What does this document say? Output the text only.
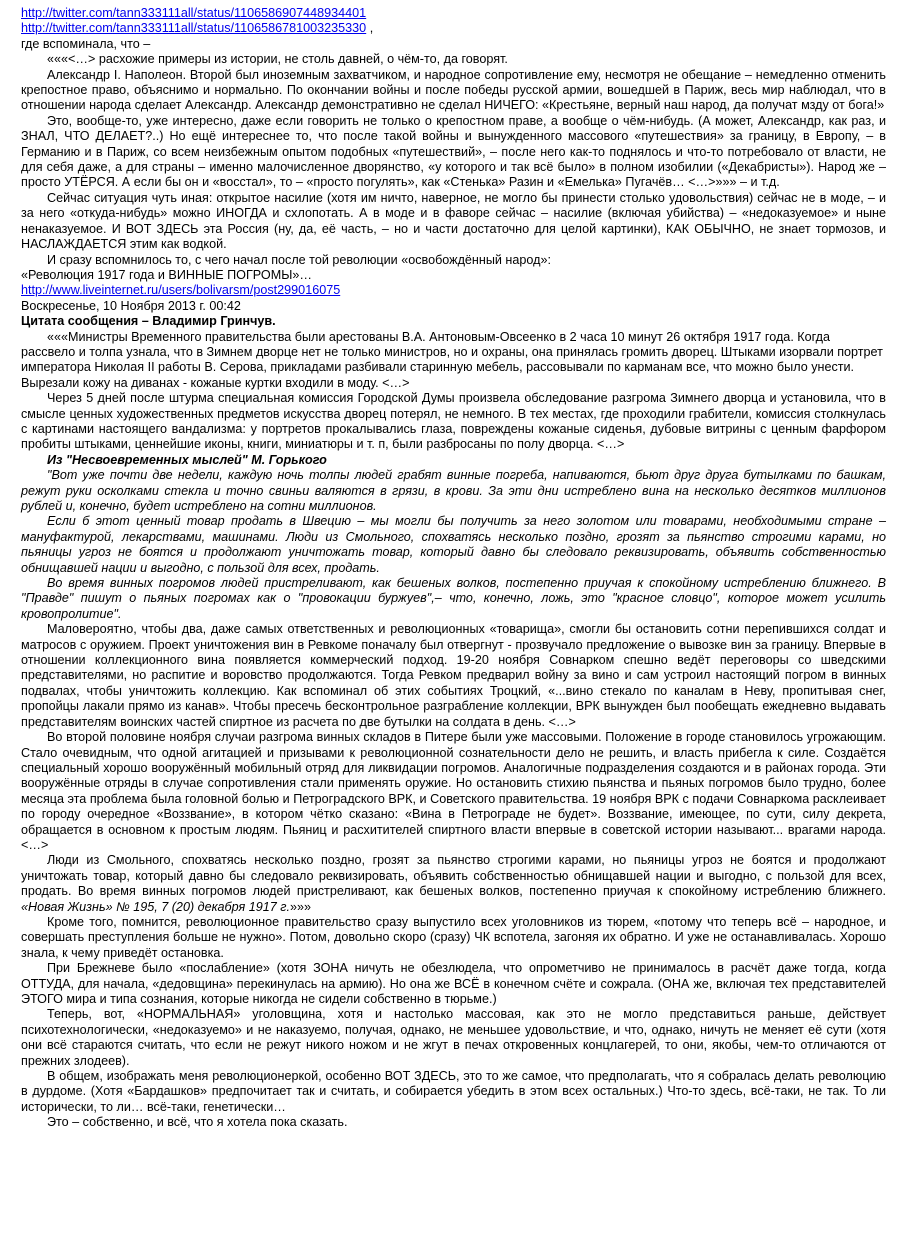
http://twitter.com/tann333111all/status/1106586907448934401
http://twitter.com/tann333111all/status/1106586781003235330 ,
где вспоминала, что –

«««<…> расхожие примеры из истории, не столь давней, о чём-то, да говорят.

Александр I. Наполеон. Второй был иноземным захватчиком, и народное сопротивление ему, несмотря не обещание – немедленно отменить крепостное право, объяснимо и нормально. По окончании войны и после победы русской армии, вошедшей в Париж, весь мир наблюдал, что в отношении народа сделает Александр. Александр демонстративно не сделал НИЧЕГО: «Крестьяне, верный наш народ, да получат мзду от бога!»

Это, вообще-то, уже интересно, даже если говорить не только о крепостном праве, а вообще о чём-нибудь. (А может, Александр, как раз, и ЗНАЛ, ЧТО ДЕЛАЕТ?..) Но ещё интереснее то, что после такой войны и вынужденного массового «путешествия» за границу, в Европу, – в Германию и в Париж, со всем неизбежным опытом подобных «путешествий», – после него как-то поднялось и что-то потребовало от власти, не для себя даже, а для страны – именно малочисленное дворянство, «у которого и так всё было» в полном изобилии («Декабристы»). Народ же – просто УТЁРСЯ. А если бы он и «восстал», то – «просто погулять», как «Стенька» Разин и «Емелька» Пугачёв… <…>»»» – и т.д.

Сейчас ситуация чуть иная: открытое насилие (хотя им ничто, наверное, не могло бы принести столько удовольствия) сейчас не в моде, – и за него «откуда-нибудь» можно ИНОГДА и схлопотать. А в моде и в фаворе сейчас – насилие (включая убийства) – «недоказуемое» и ныне ненаказуемое. И ВОТ ЗДЕСЬ эта Россия (ну, да, её часть, – но и части достаточно для целой картинки), КАК ОБЫЧНО, не знает тормозов, и НАСЛАЖДАЕТСЯ этим как водкой.

И сразу вспомнилось то, с чего начал после той революции «освобождённый народ»:

«Революция 1917 года и ВИННЫЕ ПОГРОМЫ»…
http://www.liveinternet.ru/users/bolivarsm/post299016075
Воскресенье, 10 Ноября 2013 г. 00:42
Цитата сообщения – Владимир Гринчув.

«««Министры Временного правительства были арестованы В.А. Антоновым-Овсеенко в 2 часа 10 минут 26 октября 1917 года. Когда рассвело и толпа узнала, что в Зимнем дворце нет не только министров, но и охраны, она принялась громить дворец. Штыками изорвали портрет императора Николая II работы В. Серова, прикладами разбивали старинную мебель, рассовывали по карманам все, что можно было унести. Вырезали кожу на диванах - кожаные куртки входили в моду. <…>

Через 5 дней после штурма специальная комиссия Городской Думы произвела обследование разгрома Зимнего дворца и установила, что в смысле ценных художественных предметов искусства дворец потерял, не немного. В тех местах, где проходили грабители, комиссия столкнулась с картинами настоящего вандализма: у портретов прокалывались глаза, повреждены кожаные сиденья, дубовые витрины с ценным фарфором пробиты штыками, ценнейшие иконы, книги, миниатюры и т. п, были разбросаны по полу дворца. <…>

Из "Несвоевременных мыслей" М. Горького

"Вот уже почти две недели, каждую ночь толпы людей грабят винные погреба, напиваются, бьют друг друга бутылками по башкам, режут руки осколками стекла и точно свиньи валяются в грязи, в крови. За эти дни истреблено вина на несколько десятков миллионов рублей и, конечно, будет истреблено на сотни миллионов.

Если б этот ценный товар продать в Швецию – мы могли бы получить за него золотом или товарами, необходимыми стране – мануфактурой, лекарствами, машинами. Люди из Смольного, спохватясь несколько поздно, грозят за пьянство строгими карами, но пьяницы угроз не боятся и продолжают уничтожать товар, который давно бы следовало реквизировать, объявить собственностью обнищавшей нации и выгодно, с пользой для всех, продать.

Во время винных погромов людей пристреливают, как бешеных волков, постепенно приучая к спокойному истреблению ближнего. В "Правде" пишут о пьяных погромах как о "провокации буржуев",– что, конечно, ложь, это "красное словцо", которое может усилить кровопролитие".

Маловероятно, чтобы два, даже самых ответственных и революционных «товарища», смогли бы остановить сотни перепившихся солдат и матросов с оружием. Проект уничтожения вин в Ревкоме поначалу был отвергнут - прозвучало предложение о вывозке вин за границу. Впервые в отношении коллекционного вина появляется коммерческий подход. 19-20 ноября Совнарком спешно ведёт переговоры со шведскими представителями, но распитие и воровство продолжаются. Тогда Ревком предварил войну за вино и сам устроил настоящий погром в винных подвалах, чтобы уничтожить коллекцию. Как вспоминал об этих событиях Троцкий, «...вино стекало по каналам в Неву, пропитывая снег, пропойцы лакали прямо из канав». Чтобы пресечь бесконтрольное разграбление коллекции, ВРК вынужден был пообещать ежедневно выдавать представителям воинских частей спиртное из расчета по две бутылки на солдата в день. <…>

Во второй половине ноября случаи разгрома винных складов в Питере были уже массовыми. Положение в городе становилось угрожающим. Стало очевидным, что одной агитацией и призывами к революционной сознательности дело не решить, и власть прибегла к силе. Создаётся специальный хорошо вооружённый мобильный отряд для ликвидации погромов. Аналогичные подразделения создаются и в районах города. Эти вооружённые отряды в случае сопротивления стали применять оружие. Но остановить стихию пьянства и пьяных погромов было трудно, более месяца эта проблема была головной болью и Петроградского ВРК, и Советского правительства. 19 ноября ВРК с подачи Совнаркома расклеивает по городу очередное «Воззвание», в котором чётко сказано: «Вина в Петрограде не будет». Воззвание, имеющее, по сути, силу декрета, обращается в основном к простым людям. Пьяниц и расхитителей спиртного власти впервые в советской истории называют... врагами народа. <…>

Люди из Смольного, спохватясь несколько поздно, грозят за пьянство строгими карами, но пьяницы угроз не боятся и продолжают уничтожать товар, который давно бы следовало реквизировать, объявить собственностью обнищавшей нации и выгодно, с пользой для всех, продать. Во время винных погромов людей пристреливают, как бешеных волков, постепенно приучая к спокойному истреблению ближнего. «Новая Жизнь» № 195, 7 (20) декабря 1917 г.»»»

Кроме того, помнится, революционное правительство сразу выпустило всех уголовников из тюрем, «потому что теперь всё – народное, и совершать преступления больше не нужно». Потом, довольно скоро (сразу) ЧК вспотела, загоняя их обратно. И уже не останавливалась. Хорошо знала, к чему приведёт остановка.

При Брежневе было «послабление» (хотя ЗОНА ничуть не обезлюдела, что опрометчиво не принималось в расчёт даже тогда, когда ОТТУДА, для начала, «дедовщина» перекинулась на армию). Но она же ВСЁ в конечном счёте и сожрала. (ОНА же, включая тех представителей ЭТОГО мира и типа сознания, которые никогда не сидели собственно в тюрьме.)

Теперь, вот, «НОРМАЛЬНАЯ» уголовщина, хотя и настолько массовая, как это не могло представиться раньше, действует психотехнологически, «недоказуемо» и не наказуемо, получая, однако, не меньшее удовольствие, и что, однако, ничуть не меняет её сути (хотя они всё стараются считать, что если не режут никого ножом и не жгут в печах откровенных концлагерей, то они, якобы, чем-то отличаются от прежних злодеев).

В общем, изображать меня революционеркой, особенно ВОТ ЗДЕСЬ, это то же самое, что предполагать, что я собралась делать революцию в дурдоме. (Хотя «Бардашков» предпочитает так и считать, и собирается убедить в этом всех остальных.) Что-то здесь, всё-таки, не так. То ли исторически, то ли… всё-таки, генетически…

Это – собственно, и всё, что я хотела пока сказать.
